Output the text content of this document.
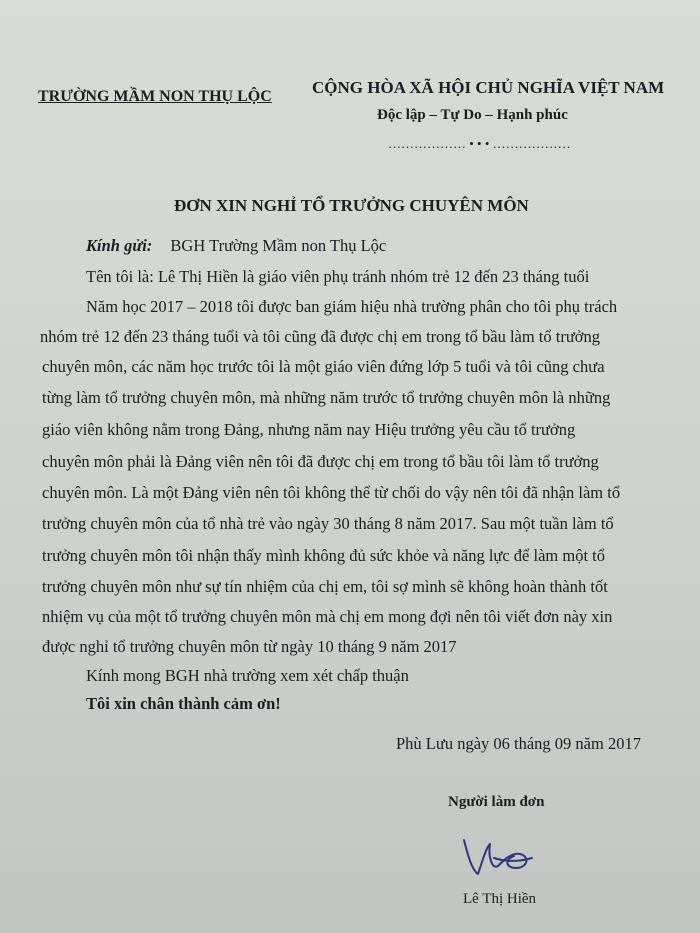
TRƯỜNG MẦM NON THỤ LỘC CỘNG HÒA XÃ HỘI CHỦ NGHĨA VIỆT NAM
Độc lập – Tự Do – Hạnh phúc
……………… • • • ………………
ĐƠN XIN NGHỈ TỔ TRƯỞNG CHUYÊN MÔN
Kính gửi: BGH Trường Mầm non Thụ Lộc
Tên tôi là: Lê Thị Hiền là giáo viên phụ tránh nhóm trẻ 12 đến 23 tháng tuổi
Năm học 2017 – 2018 tôi được ban giám hiệu nhà trường phân cho tôi phụ trách
nhóm trẻ 12 đến 23 tháng tuổi và tôi cũng đã được chị em trong tổ bầu làm tổ trưởng
chuyên môn, các năm học trước tôi là một giáo viên đứng lớp 5 tuổi và tôi cũng chưa
từng làm tổ trưởng chuyên môn, mà những năm trước tổ trưởng chuyên môn là những
giáo viên không nằm trong Đảng, nhưng năm nay Hiệu trưởng yêu cầu tổ trưởng
chuyên môn phải là Đảng viên nên tôi đã được chị em trong tổ bầu tôi làm tổ trưởng
chuyên môn. Là một Đảng viên nên tôi không thể từ chối do vậy nên tôi đã nhận làm tổ
trưởng chuyên môn của tổ nhà trẻ vào ngày 30 tháng 8 năm 2017. Sau một tuần làm tổ
trưởng chuyên môn tôi nhận thấy mình không đủ sức khỏe và năng lực để làm một tổ
trưởng chuyên môn như sự tín nhiệm của chị em, tôi sợ mình sẽ không hoàn thành tốt
nhiệm vụ của một tổ trưởng chuyên môn mà chị em mong đợi nên tôi viết đơn này xin
được nghỉ tổ trưởng chuyên môn từ ngày 10 tháng 9 năm 2017
Kính mong BGH nhà trường xem xét chấp thuận
Tôi xin chân thành cảm ơn!
Phù Lưu ngày 06 tháng 09 năm 2017
Người làm đơn
Lê Thị Hiền
